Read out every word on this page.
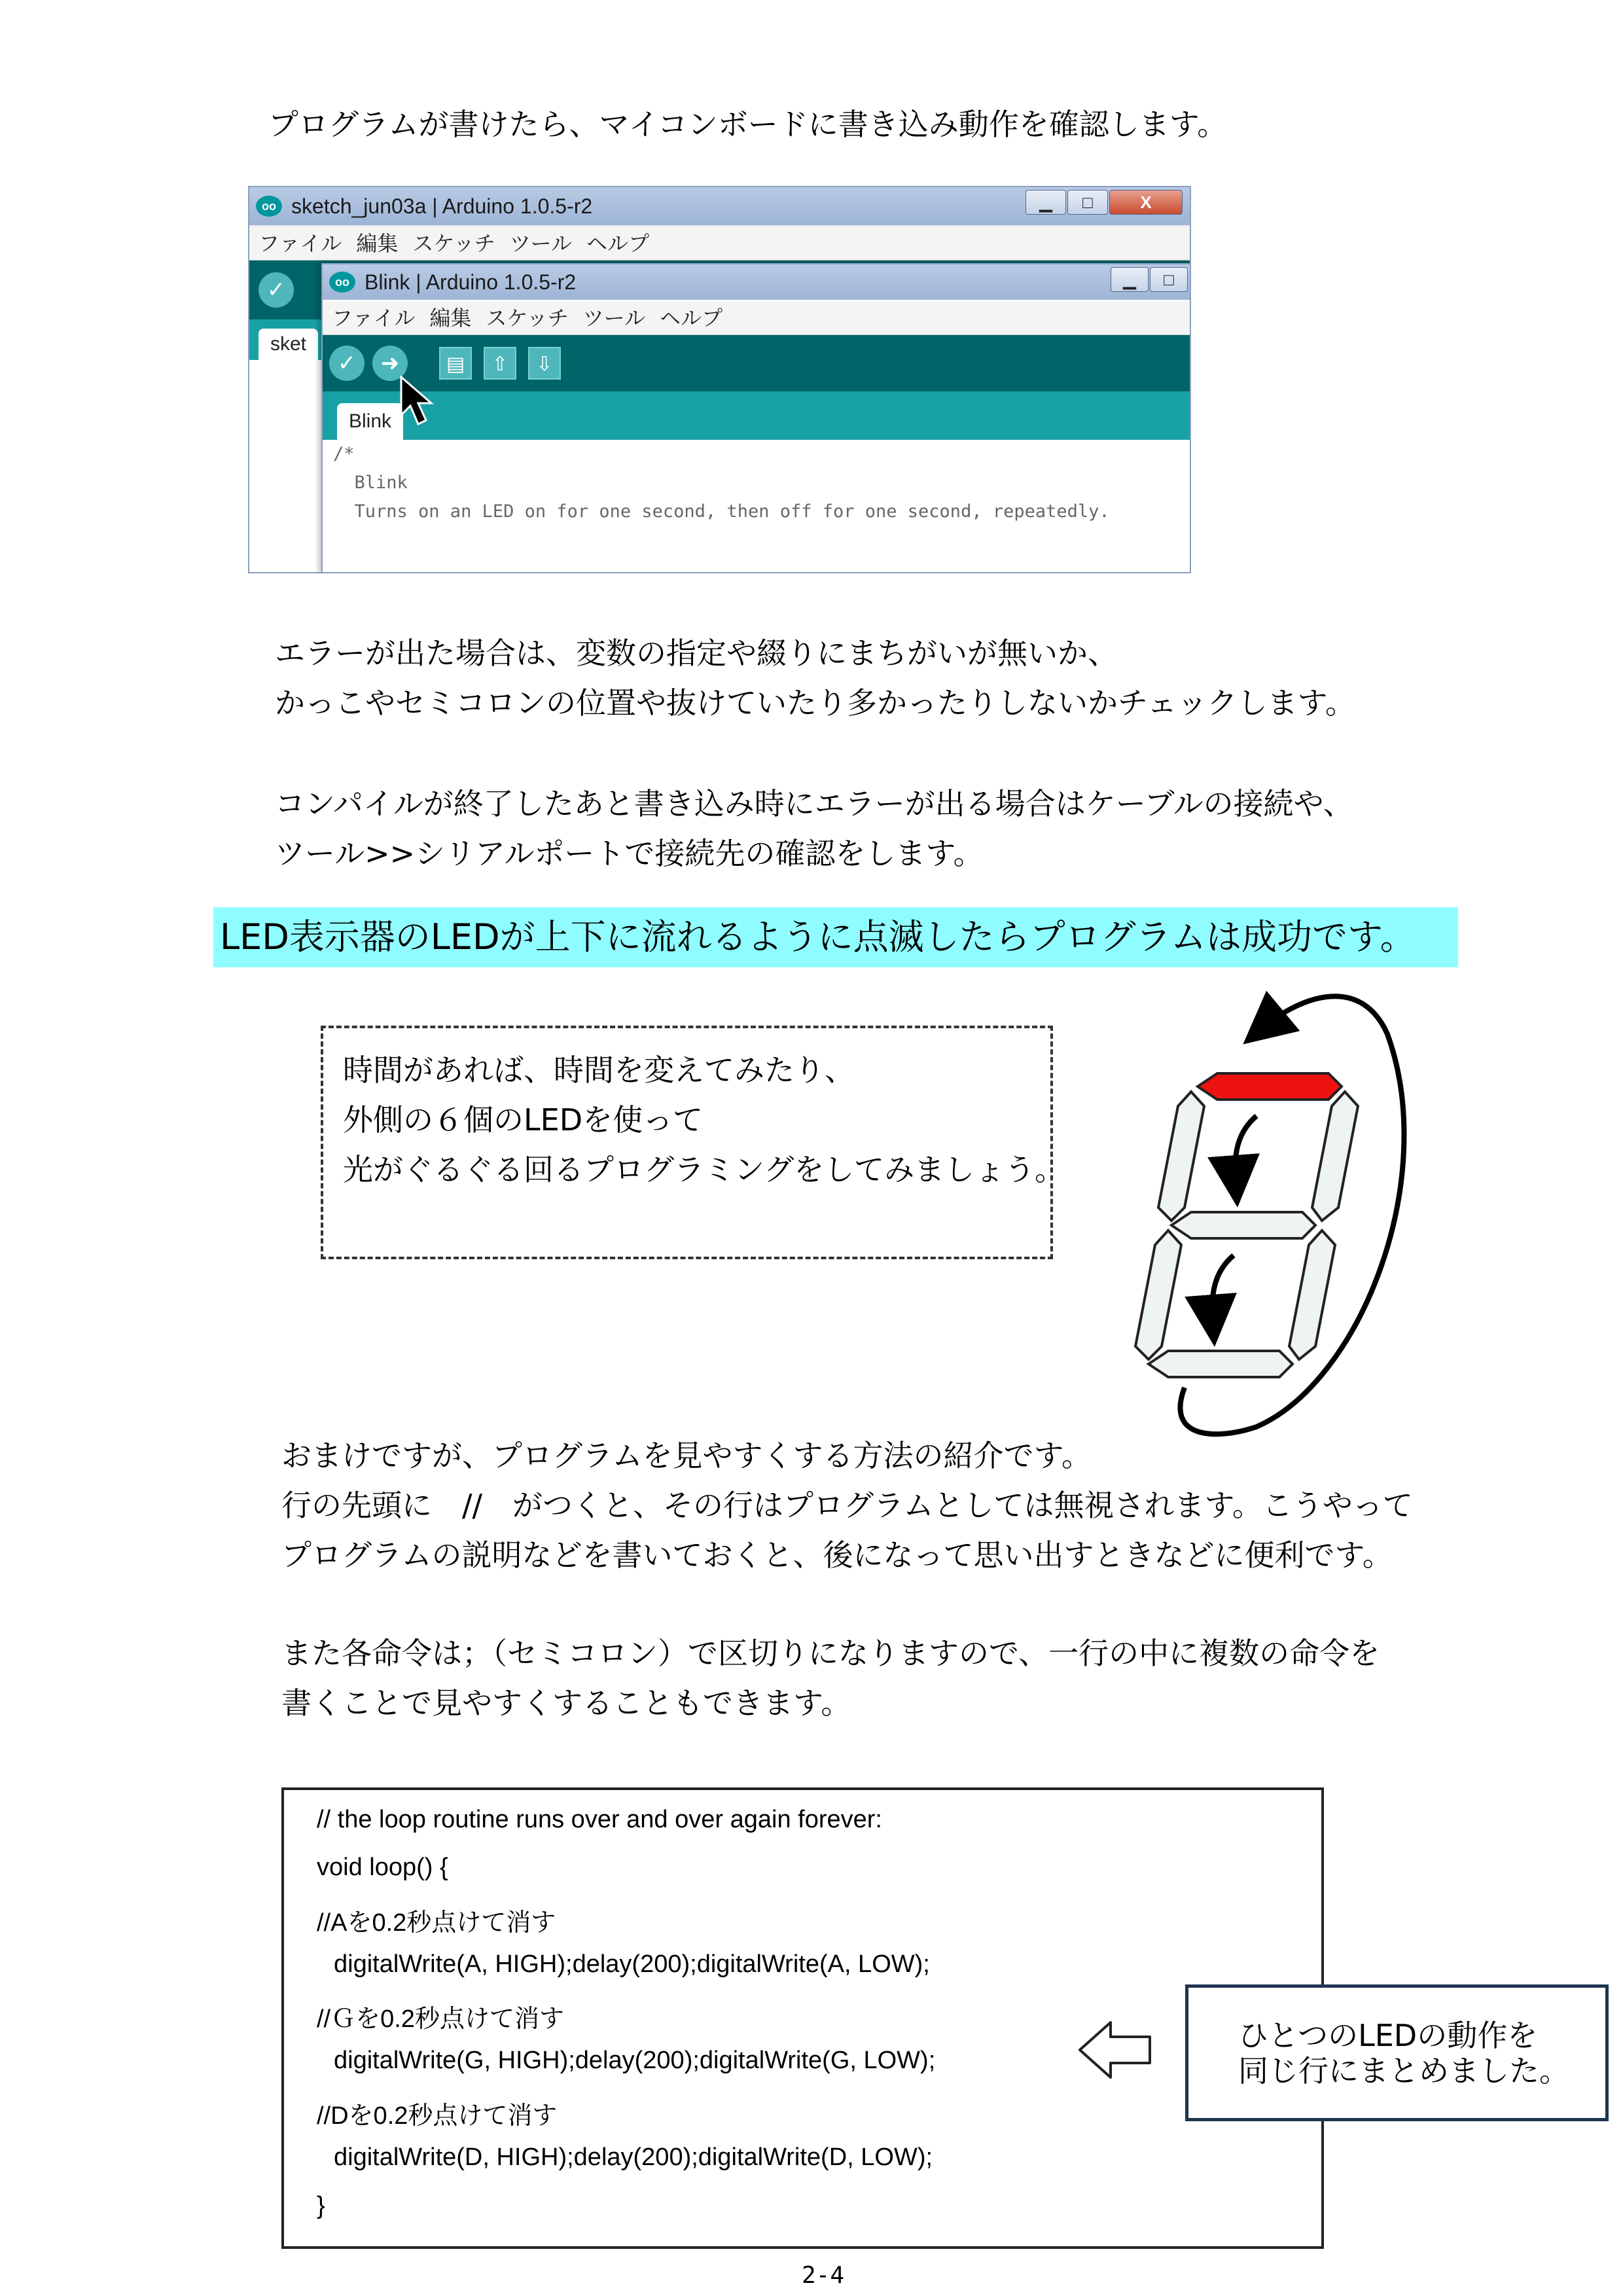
プログラムが書けたら、マイコンボードに書き込み動作を確認します。
oo sketch_jun03a | Arduino 1.0.5-r2	▁	□	X
ファイル 編集 スケッチ ツール ヘルプ
✓
sket
oo Blink | Arduino 1.0.5-r2	▁	□
ファイル 編集 スケッチ ツール ヘルプ
✓	➜	▤	⇧	⇩
Blink
/*
Blink
Turns on an LED on for one second, then off for one second, repeatedly.
エラーが出た場合は、変数の指定や綴りにまちがいが無いか、
かっこやセミコロンの位置や抜けていたり多かったりしないかチェックします。
コンパイルが終了したあと書き込み時にエラーが出る場合はケーブルの接続や、
ツール>>シリアルポートで接続先の確認をします。
LED表示器のLEDが上下に流れるように点滅したらプログラムは成功です。
時間があれば、時間を変えてみたり、
外側の６個のLEDを使って
光がぐるぐる回るプログラミングをしてみましょう。
おまけですが、プログラムを見やすくする方法の紹介です。
行の先頭に　//　がつくと、その行はプログラムとしては無視されます。こうやって
プログラムの説明などを書いておくと、後になって思い出すときなどに便利です。
また各命令は；（セミコロン）で区切りになりますので、一行の中に複数の命令を
書くことで見やすくすることもできます。
// the loop routine runs over and over again forever:
void loop() {
//Aを0.2秒点けて消す
digitalWrite(A, HIGH);delay(200);digitalWrite(A, LOW);
//Ｇを0.2秒点けて消す
digitalWrite(G, HIGH);delay(200);digitalWrite(G, LOW);
//Dを0.2秒点けて消す
digitalWrite(D, HIGH);delay(200);digitalWrite(D, LOW);
}
ひとつのLEDの動作を
同じ行にまとめました。
2-4
